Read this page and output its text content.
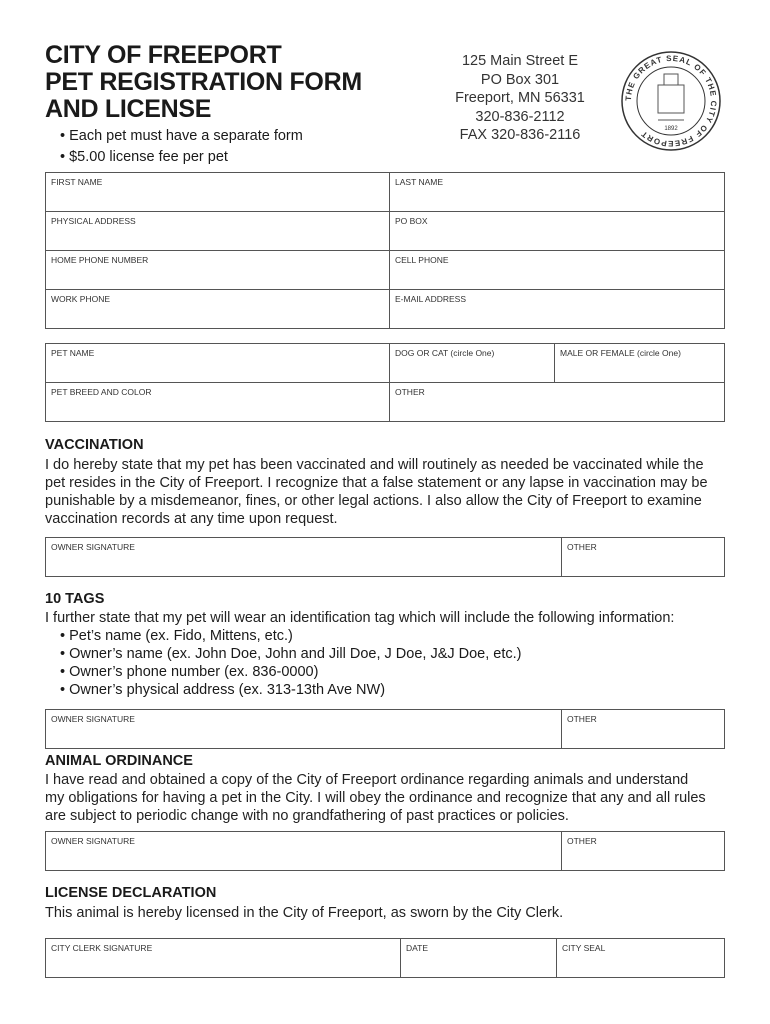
CITY OF FREEPORT
PET REGISTRATION FORM
AND LICENSE
• Each pet must have a separate form
• $5.00 license fee per pet
125 Main Street E
PO Box 301
Freeport, MN 56331
320-836-2112
FAX 320-836-2116
THE GREAT SEAL OF THE CITY OF FREEPORT	1892
FIRST NAME	LAST NAME
PHYSICAL ADDRESS	PO BOX
HOME PHONE NUMBER	CELL PHONE
WORK PHONE	E-MAIL ADDRESS
PET NAME	DOG OR CAT (circle One)	MALE OR FEMALE (circle One)
PET BREED AND COLOR	OTHER
VACCINATION
I do hereby state that my pet has been vaccinated and will routinely as needed be vaccinated while the
pet resides in the City of Freeport. I recognize that a false statement or any lapse in vaccination may be
punishable by a misdemeanor, fines, or other legal actions. I also allow the City of Freeport to examine
vaccination records at any time upon request.
OWNER SIGNATURE	OTHER
10 TAGS
I further state that my pet will wear an identification tag which will include the following information:
• Pet’s name (ex. Fido, Mittens, etc.)
• Owner’s name (ex. John Doe, John and Jill Doe, J Doe, J&J Doe, etc.)
• Owner’s phone number (ex. 836-0000)
• Owner’s physical address (ex. 313-13th Ave NW)
OWNER SIGNATURE	OTHER
ANIMAL ORDINANCE
I have read and obtained a copy of the City of Freeport ordinance regarding animals and understand
my obligations for having a pet in the City. I will obey the ordinance and recognize that any and all rules
are subject to periodic change with no grandfathering of past practices or policies.
OWNER SIGNATURE	OTHER
LICENSE DECLARATION
This animal is hereby licensed in the City of Freeport, as sworn by the City Clerk.
CITY CLERK SIGNATURE	DATE	CITY SEAL
